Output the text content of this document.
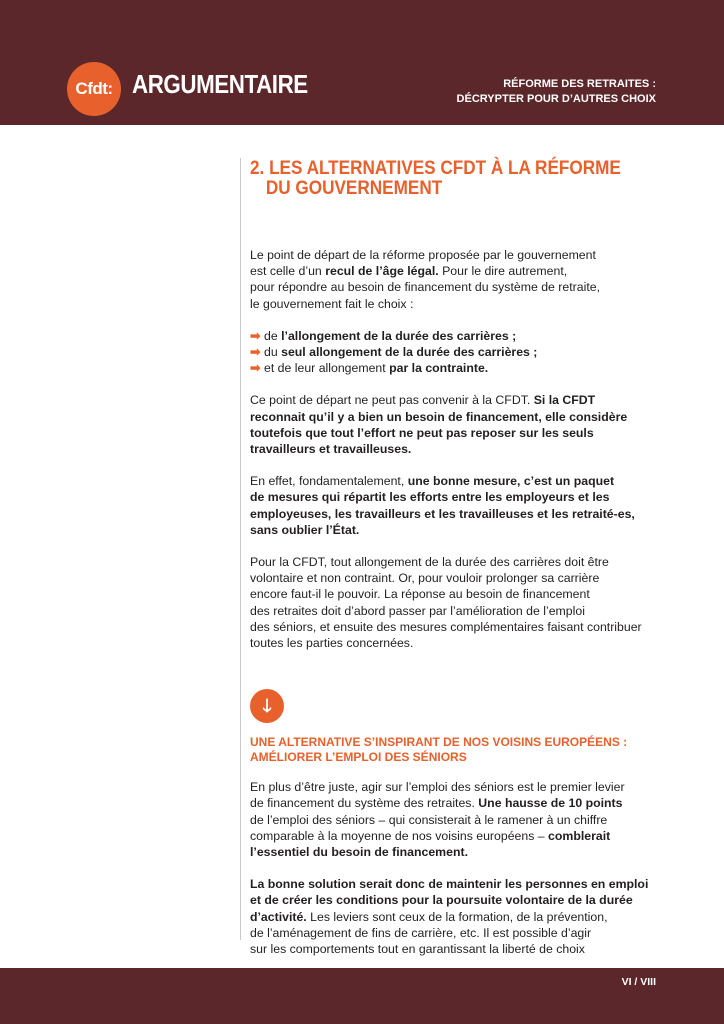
Cfdt: ARGUMENTAIRE	RÉFORME DES RETRAITES :
DÉCRYPTER POUR D’AUTRES CHOIX
2. LES ALTERNATIVES CFDT À LA RÉFORME
DU GOUVERNEMENT

Le point de départ de la réforme proposée par le gouvernement
est celle d’un recul de l’âge légal. Pour le dire autrement,
pour répondre au besoin de financement du système de retraite,
le gouvernement fait le choix :

➡ de l’allongement de la durée des carrières ;
➡ du seul allongement de la durée des carrières ;
➡ et de leur allongement par la contrainte.

Ce point de départ ne peut pas convenir à la CFDT. Si la CFDT
reconnait qu’il y a bien un besoin de financement, elle considère
toutefois que tout l’effort ne peut pas reposer sur les seuls
travailleurs et travailleuses.

En effet, fondamentalement, une bonne mesure, c’est un paquet
de mesures qui répartit les efforts entre les employeurs et les
employeuses, les travailleurs et les travailleuses et les retraité-es,
sans oublier l’État.

Pour la CFDT, tout allongement de la durée des carrières doit être
volontaire et non contraint. Or, pour vouloir prolonger sa carrière
encore faut-il le pouvoir. La réponse au besoin de financement
des retraites doit d’abord passer par l’amélioration de l’emploi
des séniors, et ensuite des mesures complémentaires faisant contribuer
toutes les parties concernées.

🡓
UNE ALTERNATIVE S’INSPIRANT DE NOS VOISINS EUROPÉENS :
AMÉLIORER L’EMPLOI DES SÉNIORS

En plus d’être juste, agir sur l’emploi des séniors est le premier levier
de financement du système des retraites. Une hausse de 10 points
de l’emploi des séniors – qui consisterait à le ramener à un chiffre
comparable à la moyenne de nos voisins européens – comblerait
l’essentiel du besoin de financement.

La bonne solution serait donc de maintenir les personnes en emploi
et de créer les conditions pour la poursuite volontaire de la durée
d’activité. Les leviers sont ceux de la formation, de la prévention,
de l’aménagement de fins de carrière, etc. Il est possible d’agir
sur les comportements tout en garantissant la liberté de choix

VI / VIII
